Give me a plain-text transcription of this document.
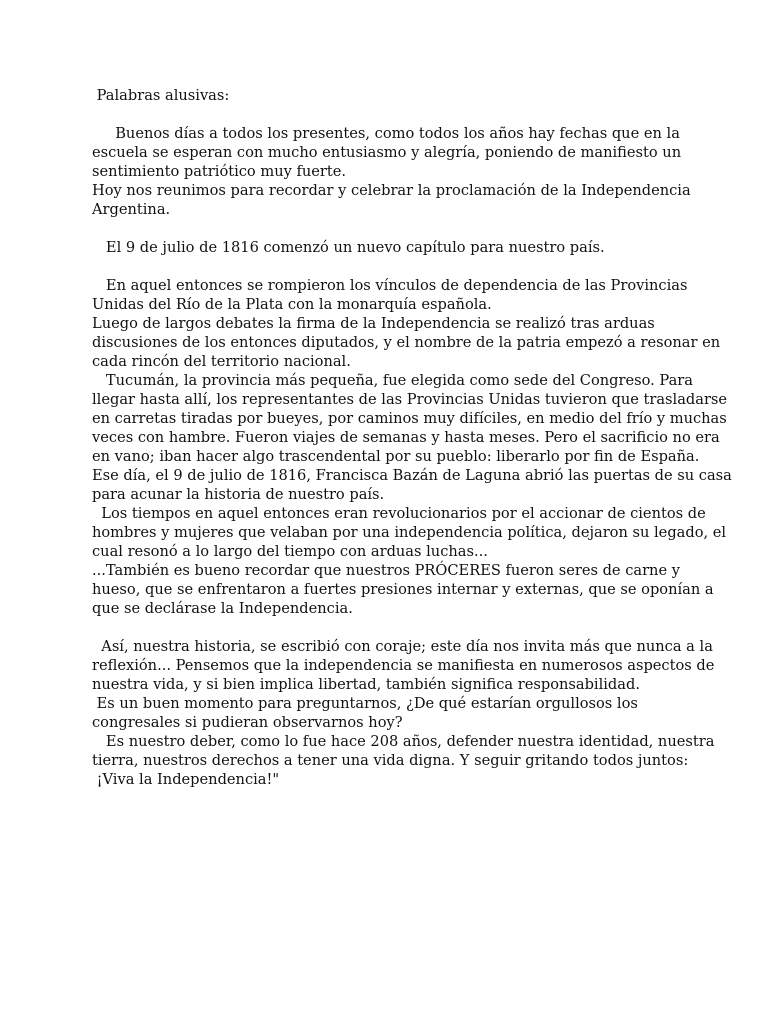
Palabras alusivas:
Buenos días a todos los presentes, como todos los años hay fechas que en la
escuela se esperan con mucho entusiasmo y alegría, poniendo de manifiesto un
sentimiento patriótico muy fuerte.
Hoy nos reunimos para recordar y celebrar la proclamación de la Independencia
Argentina.
El 9 de julio de 1816 comenzó un nuevo capítulo para nuestro país.
En aquel entonces se rompieron los vínculos de dependencia de las Provincias
Unidas del Río de la Plata con la monarquía española.
Luego de largos debates la firma de la Independencia se realizó tras arduas
discusiones de los entonces diputados, y el nombre de la patria empezó a resonar en
cada rincón del territorio nacional.
Tucumán, la provincia más pequeña, fue elegida como sede del Congreso. Para
llegar hasta allí, los representantes de las Provincias Unidas tuvieron que trasladarse
en carretas tiradas por bueyes, por caminos muy difíciles, en medio del frío y muchas
veces con hambre. Fueron viajes de semanas y hasta meses. Pero el sacrificio no era
en vano; iban hacer algo trascendental por su pueblo: liberarlo por fin de España.
Ese día, el 9 de julio de 1816, Francisca Bazán de Laguna abrió las puertas de su casa
para acunar la historia de nuestro país.
Los tiempos en aquel entonces eran revolucionarios por el accionar de cientos de
hombres y mujeres que velaban por una independencia política, dejaron su legado, el
cual resonó a lo largo del tiempo con arduas luchas...
...También es bueno recordar que nuestros PRÓCERES fueron seres de carne y
hueso, que se enfrentaron a fuertes presiones internar y externas, que se oponían a
que se declárase la Independencia.
Así, nuestra historia, se escribió con coraje; este día nos invita más que nunca a la
reflexión... Pensemos que la independencia se manifiesta en numerosos aspectos de
nuestra vida, y si bien implica libertad, también significa responsabilidad.
Es un buen momento para preguntarnos, ¿De qué estarían orgullosos los
congresales si pudieran observarnos hoy?
Es nuestro deber, como lo fue hace 208 años, defender nuestra identidad, nuestra
tierra, nuestros derechos a tener una vida digna. Y seguir gritando todos juntos:
¡Viva la Independencia!"
